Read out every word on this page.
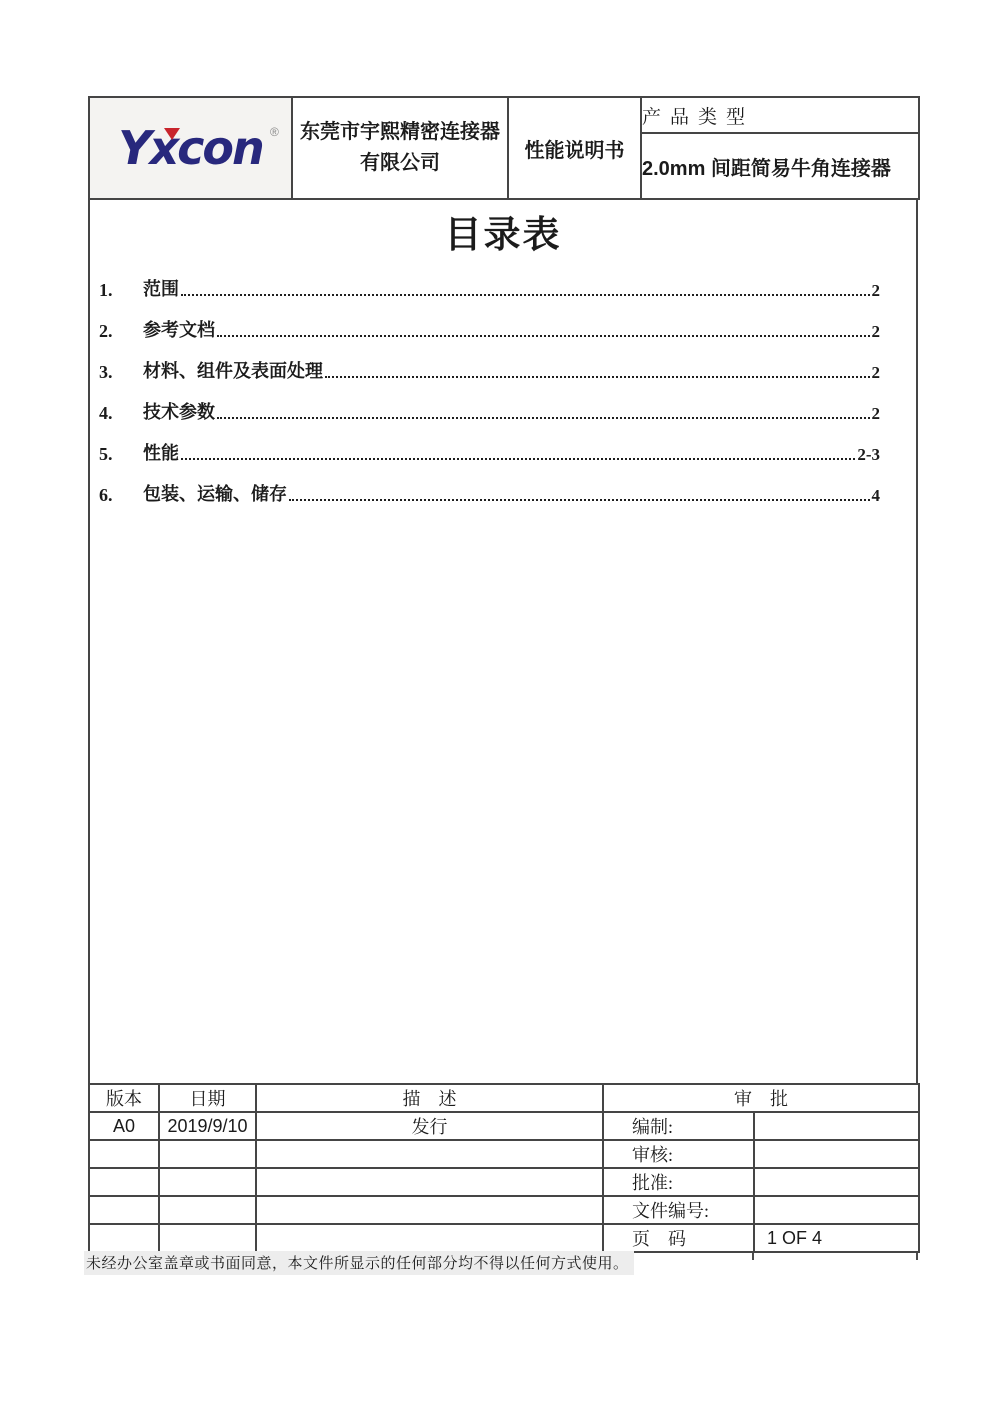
Yxcon ®	东莞市宇熙精密连接器
有限公司
	性能说明书	产品类型
2.0mm 间距简易牛角连接器
目录表
1.	范围	2
2.	参考文档	2
3.	材料、组件及表面处理	2
4.	技术参数	2
5.	性能	2-3
6.	包装、运输、储存	4
版本	日期	描　述	审　批	
A0	2019/9/10	发行	编制:	
			审核:	
			批准:	
			文件编号:	
			页　码	1 OF 4
未经办公室盖章或书面同意，本文件所显示的任何部分均不得以任何方式使用。
